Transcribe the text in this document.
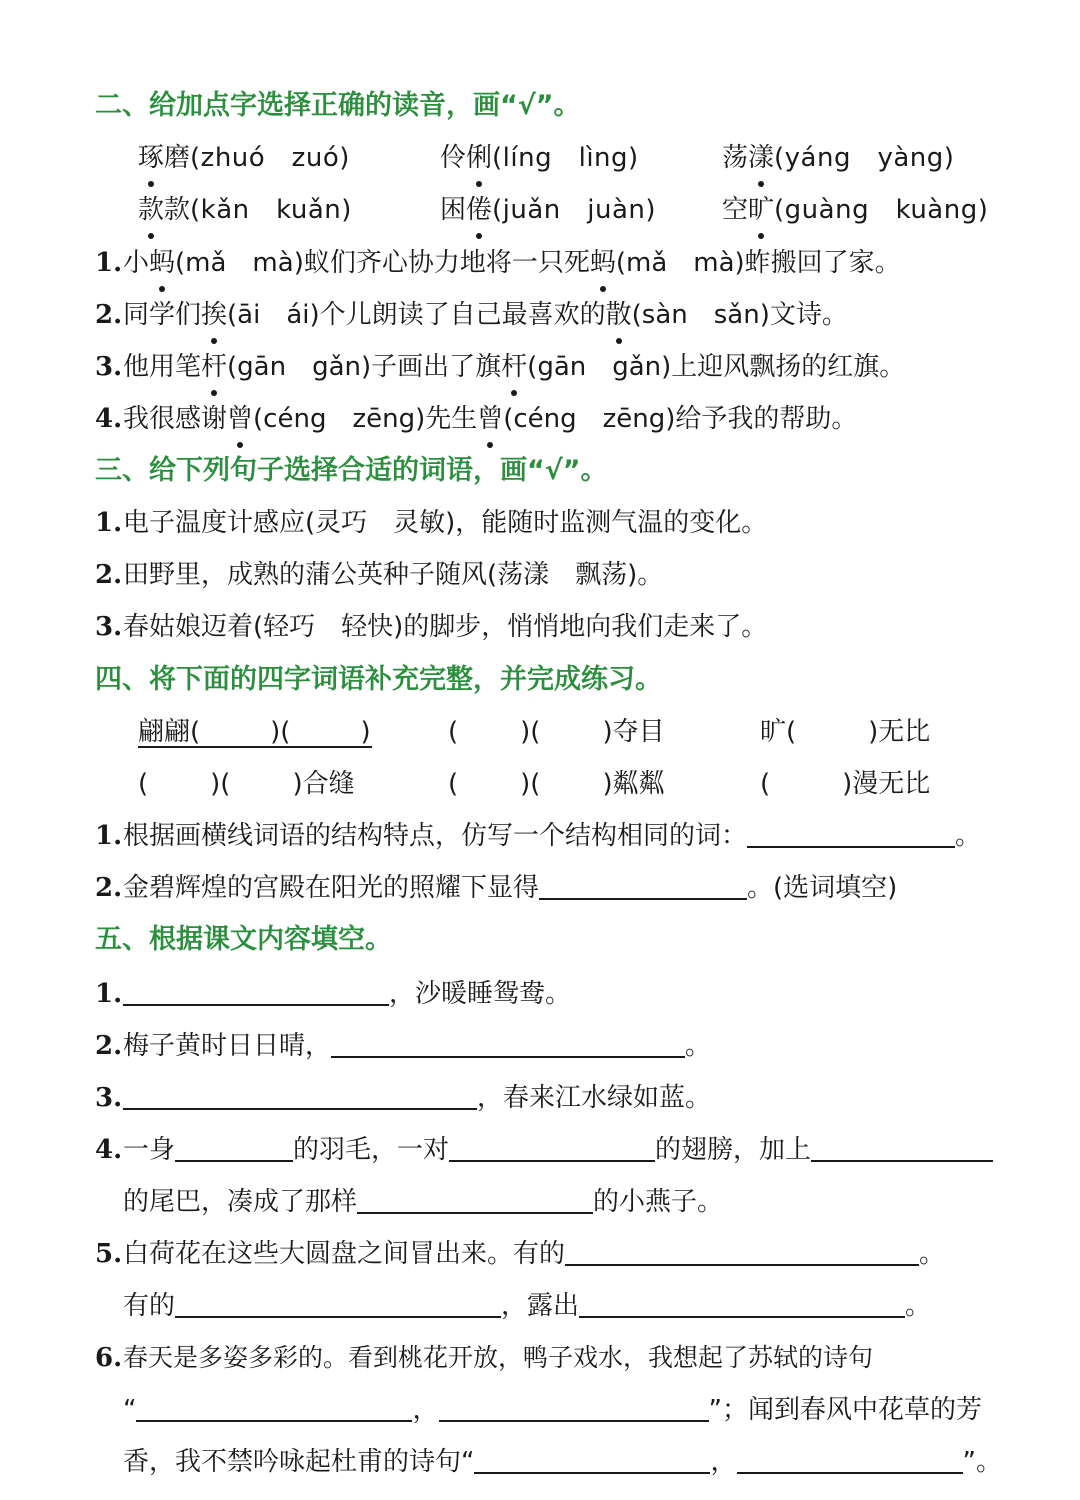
二、给加点字选择正确的读音，画“√”。
琢磨(zhuó　zuó)	伶俐(líng　lìng)	荡漾(yáng　yàng)
款款(kǎn　kuǎn)	困倦(juǎn　juàn)	空旷(guàng　kuàng)
1. 小蚂(mǎ　mà)蚁们齐心协力地将一只死蚂(mǎ　mà)蚱搬回了家。
2. 同学们挨(āi　ái)个儿朗读了自己最喜欢的散(sàn　sǎn)文诗。
3. 他用笔杆(gān　gǎn)子画出了旗杆(gān　gǎn)上迎风飘扬的红旗。
4. 我很感谢曾(céng　zēng)先生曾(céng　zēng)给予我的帮助。
三、给下列句子选择合适的词语，画“√”。
1. 电子温度计感应(灵巧　灵敏)，能随时监测气温的变化。
2. 田野里，成熟的蒲公英种子随风(荡漾　飘荡)。
3. 春姑娘迈着(轻巧　轻快)的脚步，悄悄地向我们走来了。
四、将下面的四字词语补充完整，并完成练习。
翩翩(	)(	)	( )( )夺目	旷(	)无比
( )( )合缝	( )( )粼粼	(	)漫无比
1. 根据画横线词语的结构特点，仿写一个结构相同的词：	。
2. 金碧辉煌的宫殿在阳光的照耀下显得	。(选词填空)
五、根据课文内容填空。
1.	，沙暖睡鸳鸯。
2. 梅子黄时日日晴，	。
3.	，春来江水绿如蓝。
4. 一身	的羽毛，一对	的翅膀，加上
的尾巴，凑成了那样	的小燕子。
5. 白荷花在这些大圆盘之间冒出来。有的	。
有的	，露出	。
6. 春天是多姿多彩的。看到桃花开放，鸭子戏水，我想起了苏轼的诗句
“	，	”；闻到春风中花草的芳
香，我不禁吟咏起杜甫的诗句“	，	”。
